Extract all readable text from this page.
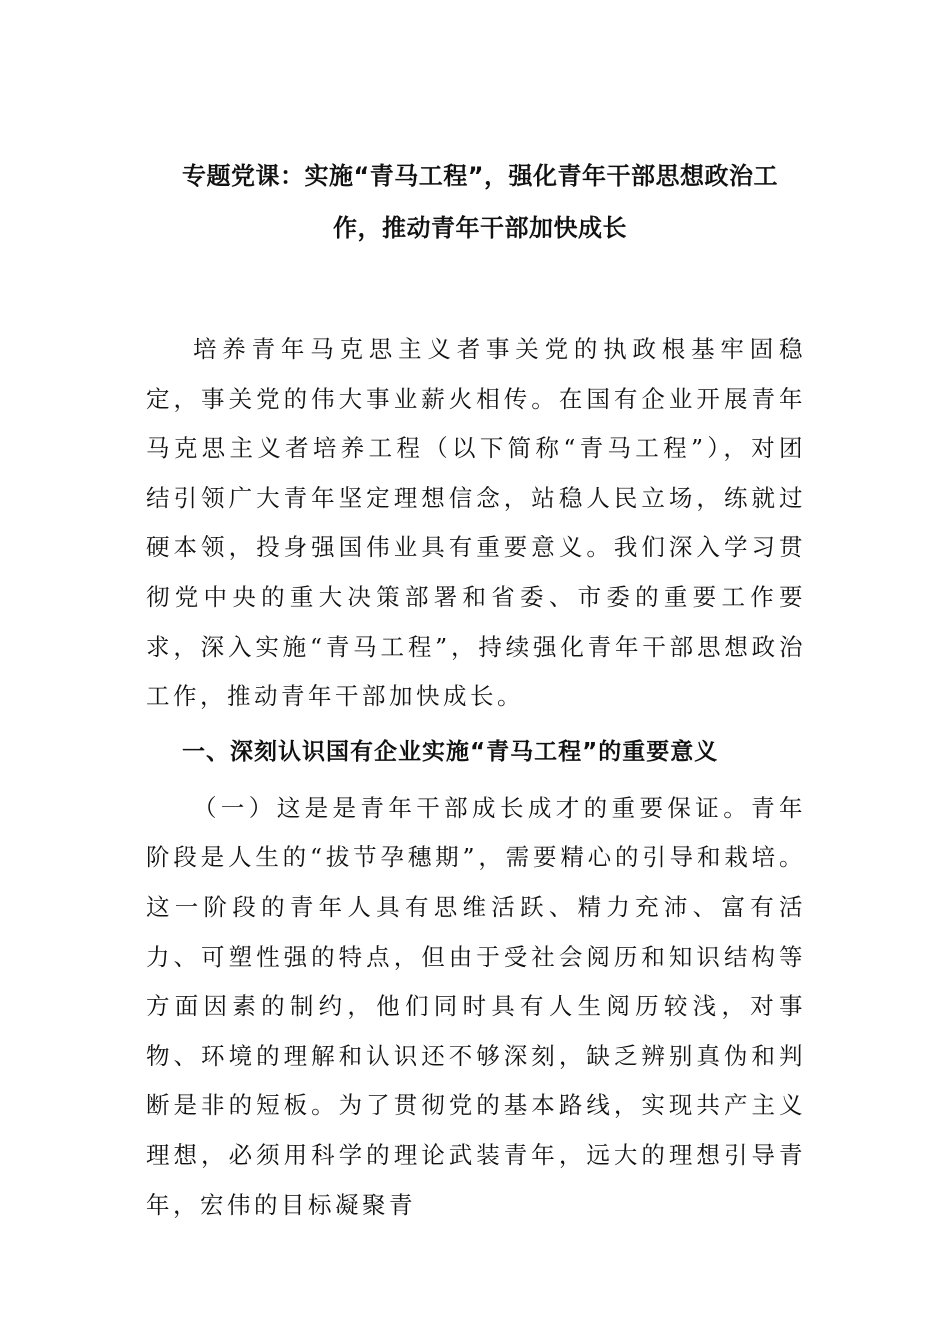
专题党课：实施“青马工程”，强化青年干部思想政治工
作，推动青年干部加快成长

培养青年马克思主义者事关党的执政根基牢固稳定，事关党的伟大事业薪火相传。在国有企业开展青年马克思主义者培养工程（以下简称“青马工程”），对团结引领广大青年坚定理想信念，站稳人民立场，练就过硬本领，投身强国伟业具有重要意义。我们深入学习贯彻党中央的重大决策部署和省委、市委的重要工作要求，深入实施“青马工程”，持续强化青年干部思想政治工作，推动青年干部加快成长。

一、深刻认识国有企业实施“青马工程”的重要意义

（一）这是是青年干部成长成才的重要保证。青年阶段是人生的“拔节孕穗期”，需要精心的引导和栽培。这一阶段的青年人具有思维活跃、精力充沛、富有活力、可塑性强的特点，但由于受社会阅历和知识结构等方面因素的制约，他们同时具有人生阅历较浅，对事物、环境的理解和认识还不够深刻，缺乏辨别真伪和判断是非的短板。为了贯彻党的基本路线，实现共产主义理想，必须用科学的理论武装青年，远大的理想引导青年，宏伟的目标凝聚青
